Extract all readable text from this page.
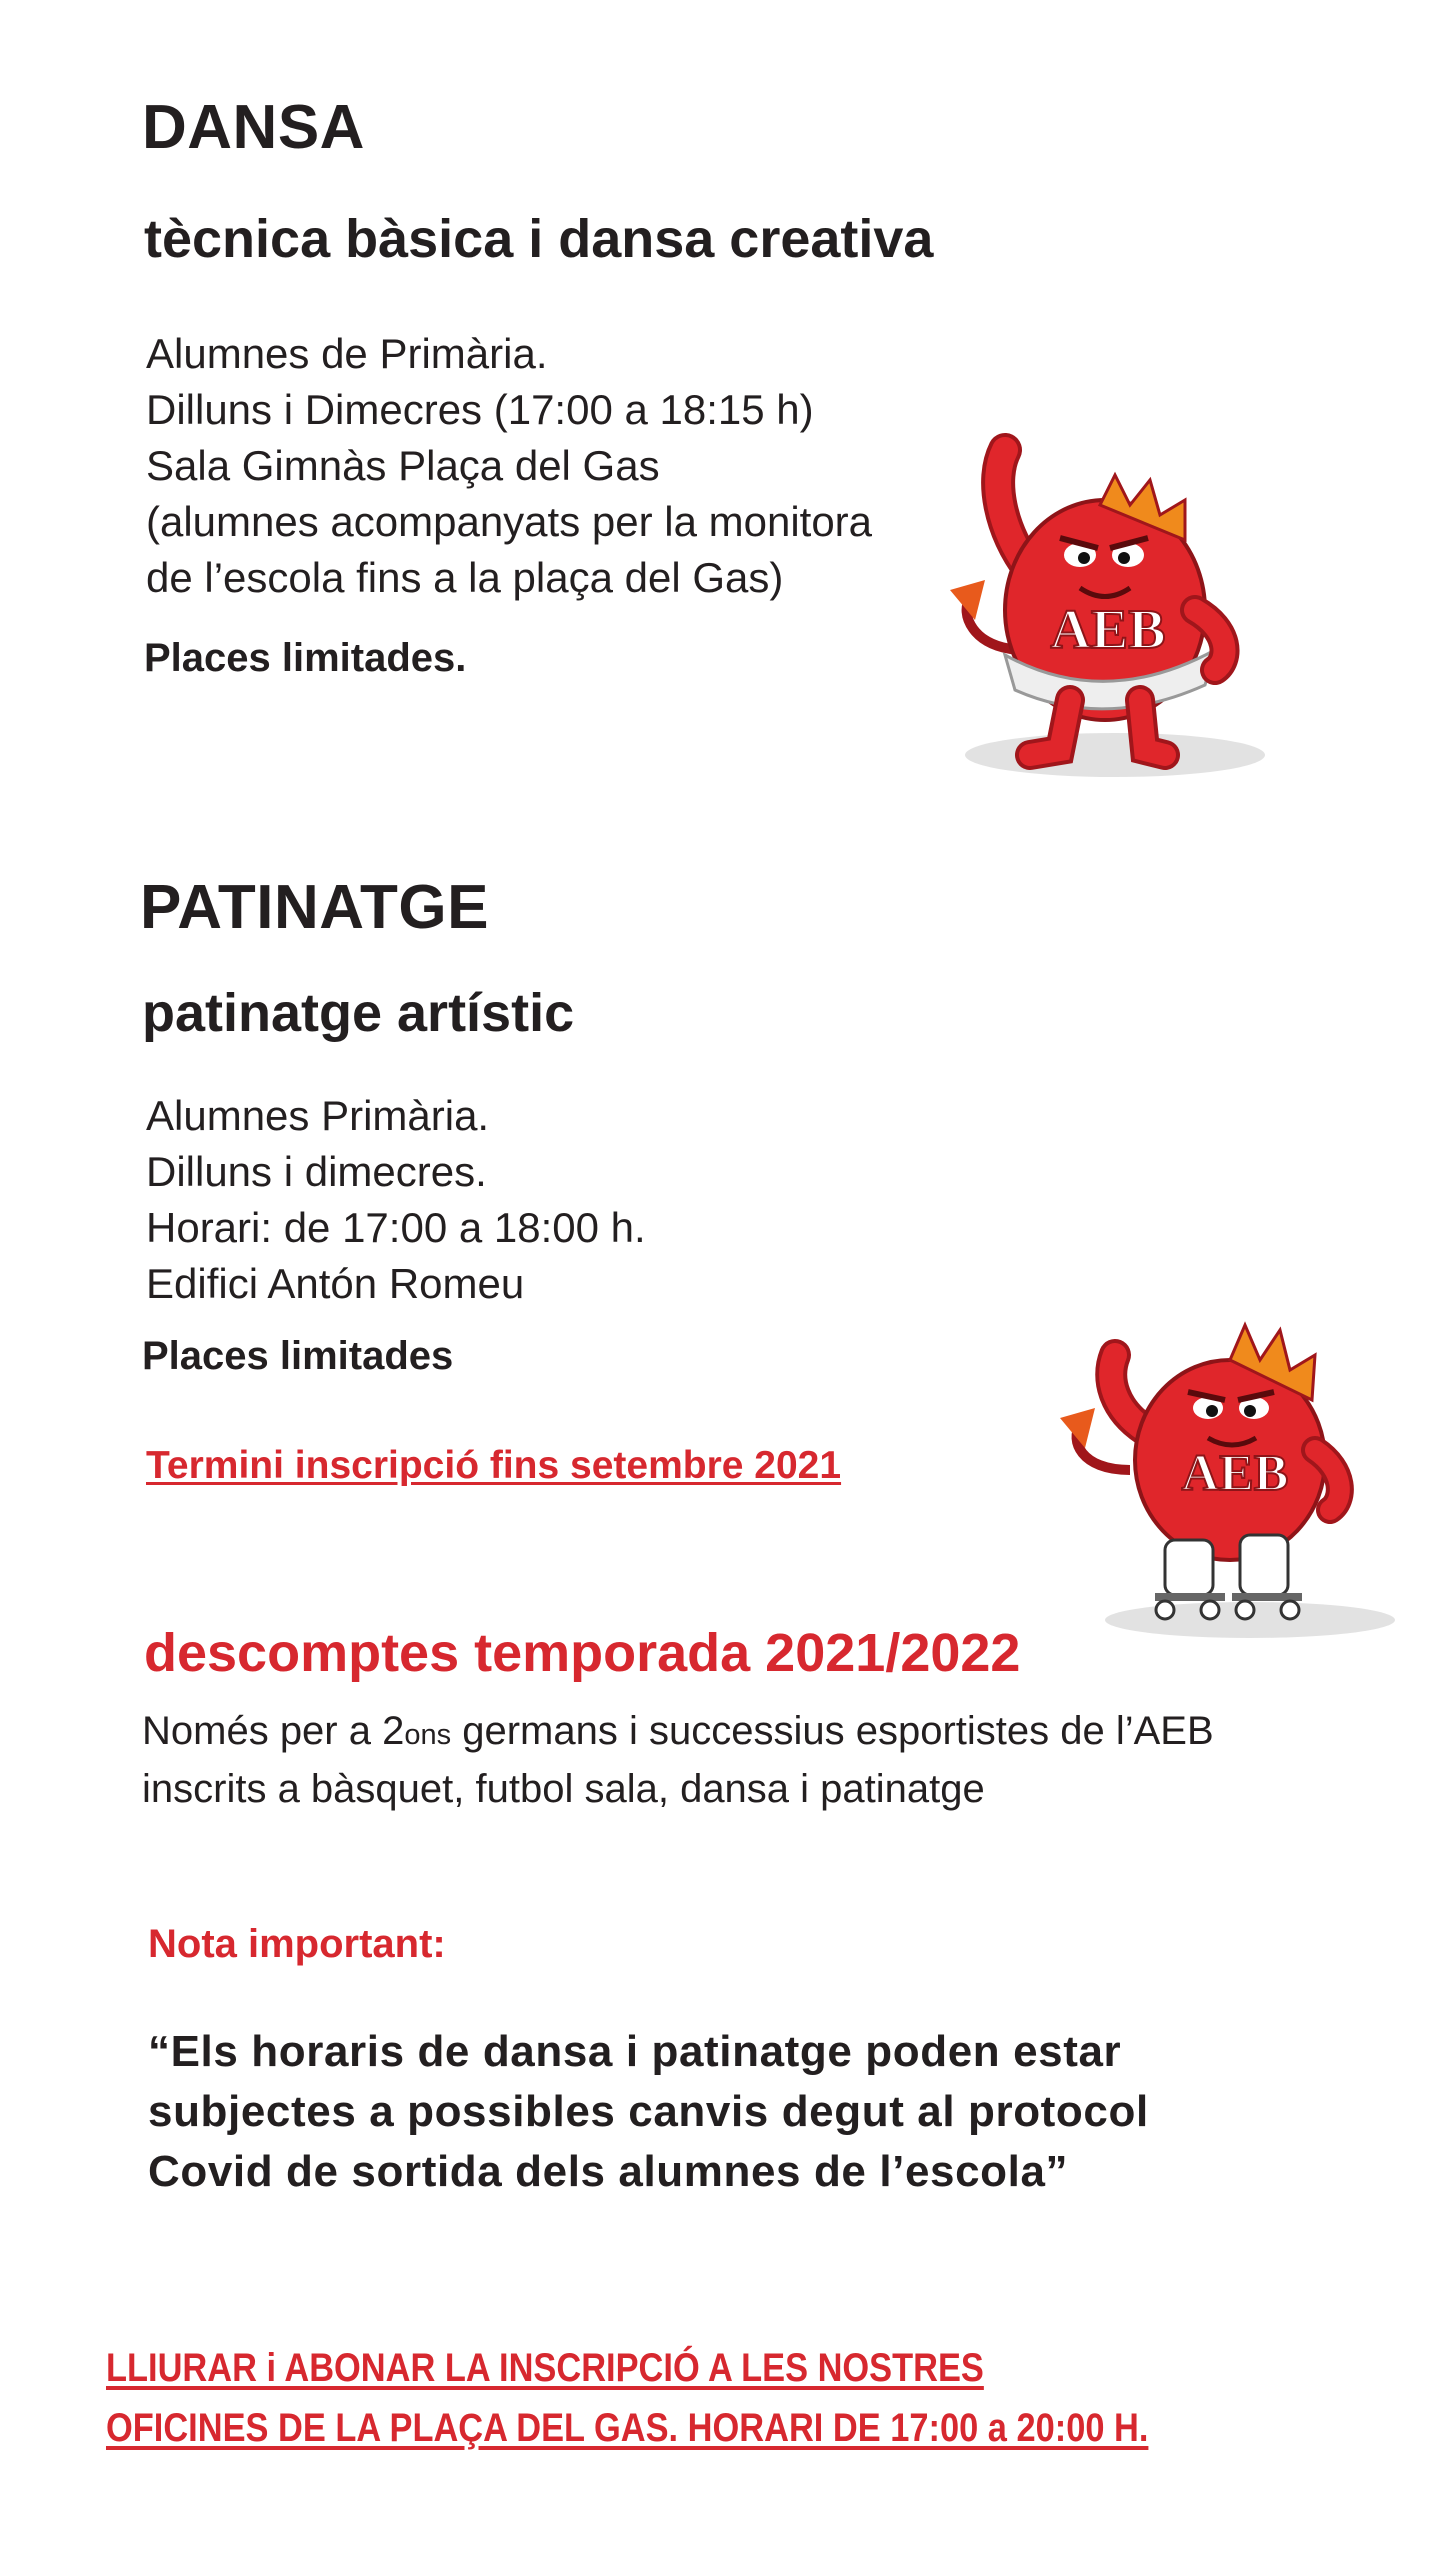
DANSA
tècnica bàsica i dansa creativa
Alumnes de Primària.
Dilluns i Dimecres (17:00 a 18:15 h)
Sala Gimnàs Plaça del Gas
(alumnes acompanyats per la monitora
de l’escola fins a la plaça del Gas)
Places limitades.	AEB
PATINATGE
patinatge artístic
Alumnes Primària.
Dilluns i dimecres.
Horari: de 17:00 a 18:00 h.
Edifici Antón Romeu
Places limitades
AEB
Termini inscripció fins setembre 2021
descomptes temporada 2021/2022
Només per a 2ons germans i successius esportistes de l’AEB
inscrits a bàsquet, futbol sala, dansa i patinatge
Nota important:
“Els horaris de dansa i patinatge poden estar
subjectes a possibles canvis degut al protocol
Covid de sortida dels alumnes de l’escola”
LLIURAR i ABONAR LA INSCRIPCIÓ A LES NOSTRES
OFICINES DE LA PLAÇA DEL GAS. HORARI DE 17:00 a 20:00 H.
